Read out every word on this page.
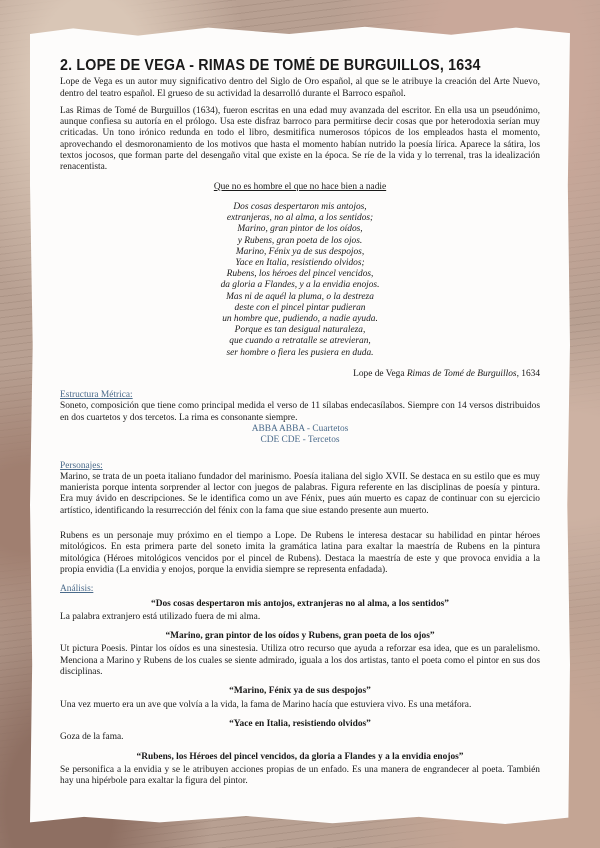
2. LOPE DE VEGA - RIMAS DE TOMÉ DE BURGUILLOS, 1634

Lope de Vega es un autor muy significativo dentro del Siglo de Oro español, al que se le atribuye la creación del Arte Nuevo, dentro del teatro español. El grueso de su actividad la desarrolló durante el Barroco español.

Las Rimas de Tomé de Burguillos (1634), fueron escritas en una edad muy avanzada del escritor. En ella usa un pseudónimo, aunque confiesa su autoría en el prólogo. Usa este disfraz barroco para permitirse decir cosas que por heterodoxia serían muy criticadas. Un tono irónico redunda en todo el libro, desmitifica numerosos tópicos de los empleados hasta el momento, aprovechando el desmoronamiento de los motivos que hasta el momento habían nutrido la poesía lírica. Aparece la sátira, los textos jocosos, que forman parte del desengaño vital que existe en la época. Se ríe de la vida y lo terrenal, tras la idealización renacentista.

Que no es hombre el que no hace bien a nadie
Dos cosas despertaron mis antojos,
extranjeras, no al alma, a los sentidos;
Marino, gran pintor de los oídos,
y Rubens, gran poeta de los ojos.
Marino, Fénix ya de sus despojos,
Yace en Italia, resistiendo olvidos;
Rubens, los héroes del pincel vencidos,
da gloria a Flandes, y a la envidia enojos.
Mas ni de aquél la pluma, o la destreza
deste con el pincel pintar pudieran
un hombre que, pudiendo, a nadie ayuda.
Porque es tan desigual naturaleza,
que cuando a retratalle se atrevieran,
ser hombre o fiera les pusiera en duda.
Lope de Vega Rimas de Tomé de Burguillos, 1634
Estructura Métrica:

Soneto, composición que tiene como principal medida el verso de 11 sílabas endecasílabos. Siempre con 14 versos distribuidos en dos cuartetos y dos tercetos. La rima es consonante siempre.

ABBA ABBA - Cuartetos
CDE CDE - Tercetos
Personajes:

Marino, se trata de un poeta italiano fundador del marinismo. Poesía italiana del siglo XVII. Se destaca en su estilo que es muy manierista porque intenta sorprender al lector con juegos de palabras. Figura referente en las disciplinas de poesía y pintura. Era muy ávido en descripciones. Se le identifica como un ave Fénix, pues aún muerto es capaz de continuar con su ejercicio artístico, identificando la resurrección del fénix con la fama que siue estando presente aun muerto.

Rubens es un personaje muy próximo en el tiempo a Lope. De Rubens le interesa destacar su habilidad en pintar héroes mitológicos. En esta primera parte del soneto imita la gramática latina para exaltar la maestría de Rubens en la pintura mitológica (Héroes mitológicos vencidos por el pincel de Rubens). Destaca la maestría de este y que provoca envidia a la propia envidia (La envidia y enojos, porque la envidia siempre se representa enfadada).

Análisis:
“Dos cosas despertaron mis antojos, extranjeras no al alma, a los sentidos”

La palabra extranjero está utilizado fuera de mi alma.

“Marino, gran pintor de los oídos y Rubens, gran poeta de los ojos”

Ut pictura Poesis. Pintar los oídos es una sinestesia. Utiliza otro recurso que ayuda a reforzar esa idea, que es un paralelismo. Menciona a Marino y Rubens de los cuales se siente admirado, iguala a los dos artistas, tanto el poeta como el pintor en sus dos disciplinas.

“Marino, Fénix ya de sus despojos”

Una vez muerto era un ave que volvía a la vida, la fama de Marino hacía que estuviera vivo. Es una metáfora.

“Yace en Italia, resistiendo olvidos”

Goza de la fama.

“Rubens, los Héroes del pincel vencidos, da gloria a Flandes y a la envidia enojos”

Se personifica a la envidia y se le atribuyen acciones propias de un enfado. Es una manera de engrandecer al poeta. También hay una hipérbole para exaltar la figura del pintor.
